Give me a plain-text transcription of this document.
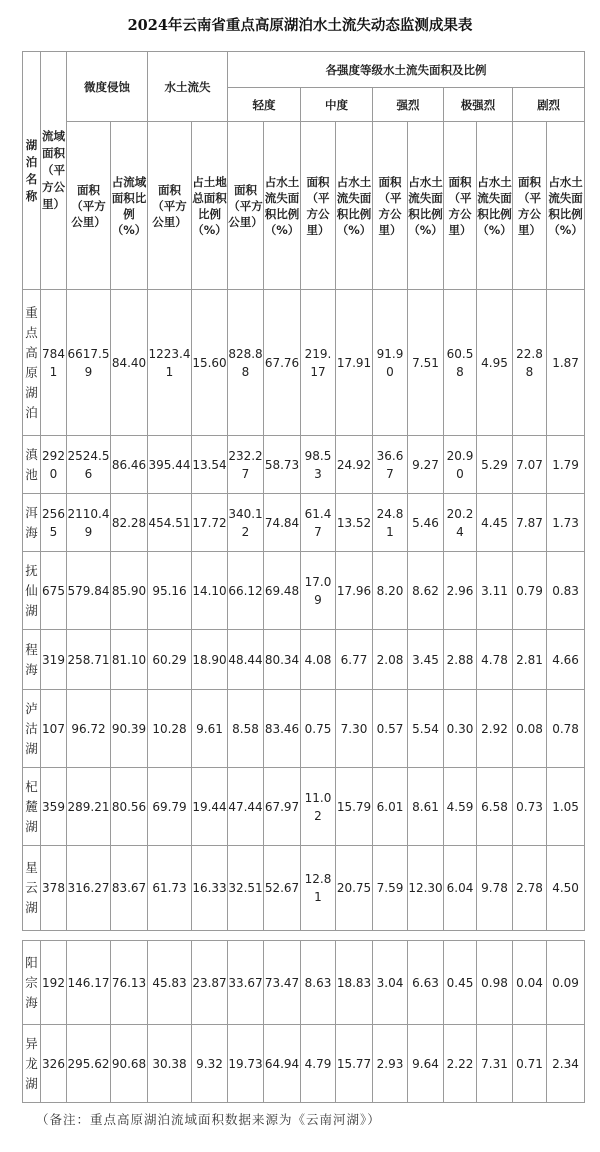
2024年云南省重点高原湖泊水土流失动态监测成果表
湖泊名称	流域面积（平方公里）	微度侵蚀		水土流失		各强度等级水土流失面积及比例									
						轻度		中度		强烈		极强烈		剧烈	
		面积（平方公里）	占流域面积比例（%）	面积（平方公里）	占土地总面积比例（%）	面积（平方公里）	占水土流失面积比例（%）	面积（平方公里）	占水土流失面积比例（%）	面积（平方公里）	占水土流失面积比例（%）	面积（平方公里）	占水土流失面积比例（%）	面积（平方公里）	占水土流失面积比例（%）
重点高原湖泊	7841	6617.59	84.40	1223.41	15.60	828.88	67.76	219.17	17.91	91.90	7.51	60.58	4.95	22.88	1.87
滇池	2920	2524.56	86.46	395.44	13.54	232.27	58.73	98.53	24.92	36.67	9.27	20.90	5.29	7.07	1.79
洱海	2565	2110.49	82.28	454.51	17.72	340.12	74.84	61.47	13.52	24.81	5.46	20.24	4.45	7.87	1.73
抚仙湖	675	579.84	85.90	95.16	14.10	66.12	69.48	17.09	17.96	8.20	8.62	2.96	3.11	0.79	0.83
程海	319	258.71	81.10	60.29	18.90	48.44	80.34	4.08	6.77	2.08	3.45	2.88	4.78	2.81	4.66
泸沽湖	107	96.72	90.39	10.28	9.61	8.58	83.46	0.75	7.30	0.57	5.54	0.30	2.92	0.08	0.78
杞麓湖	359	289.21	80.56	69.79	19.44	47.44	67.97	11.02	15.79	6.01	8.61	4.59	6.58	0.73	1.05
星云湖	378	316.27	83.67	61.73	16.33	32.51	52.67	12.81	20.75	7.59	12.30	6.04	9.78	2.78	4.50
阳宗海	192	146.17	76.13	45.83	23.87	33.67	73.47	8.63	18.83	3.04	6.63	0.45	0.98	0.04	0.09
异龙湖	326	295.62	90.68	30.38	9.32	19.73	64.94	4.79	15.77	2.93	9.64	2.22	7.31	0.71	2.34
（备注：重点高原湖泊流域面积数据来源为《云南河湖》）
